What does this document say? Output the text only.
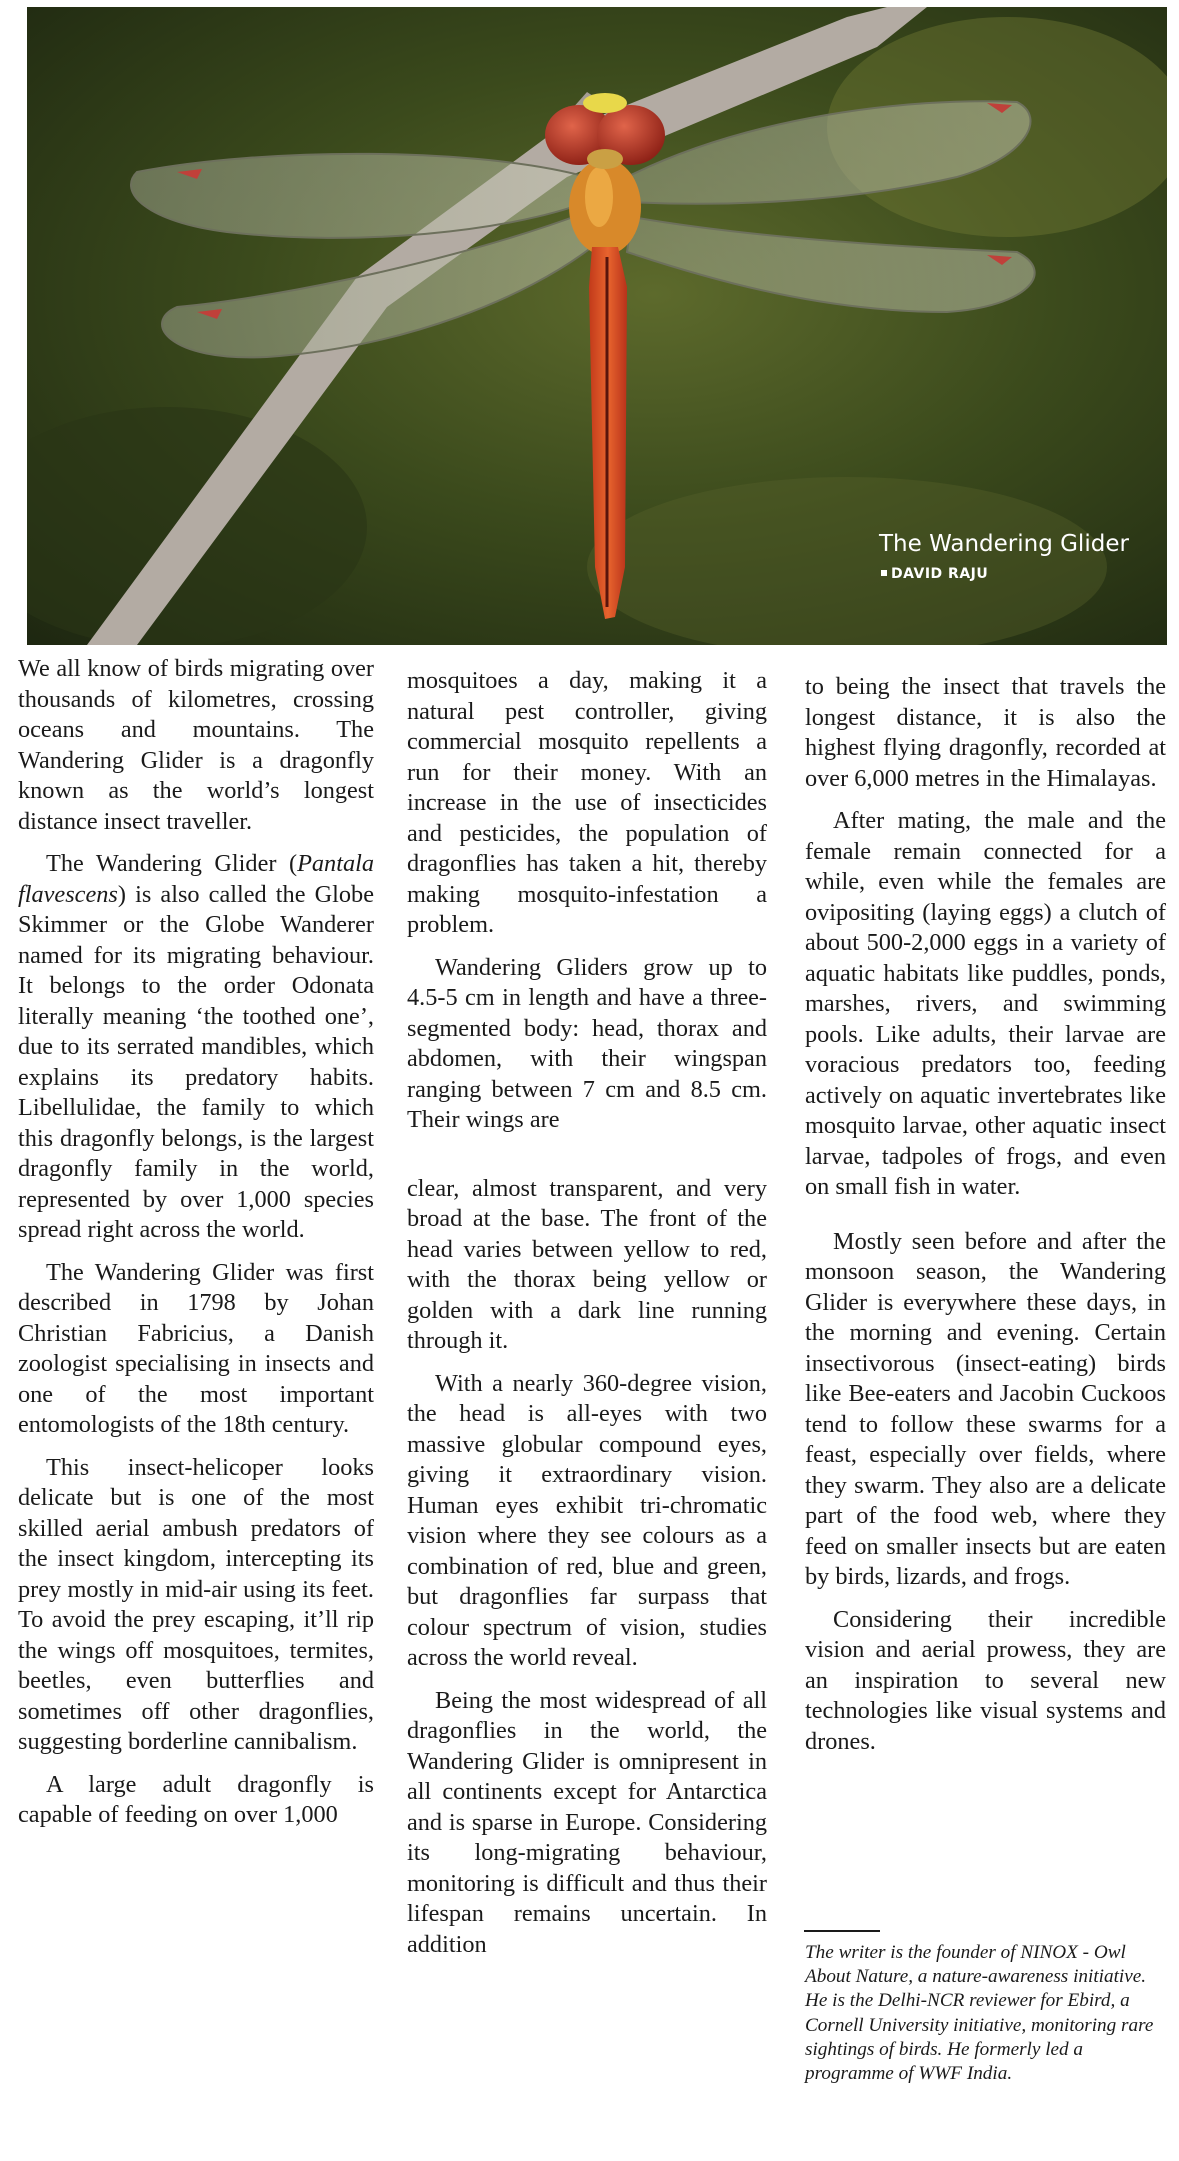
The Wandering Glider
DAVID RAJU

We all know of birds migrating over thousands of kilometres, crossing oceans and mountains. The Wandering Glider is a dragonfly known as the world’s longest distance insect traveller.

The Wandering Glider (Pantala flavescens) is also called the Globe Skimmer or the Globe Wanderer named for its migrating behaviour. It belongs to the order Odonata literally meaning ‘the toothed one’, due to its serrated mandibles, which explains its predatory habits. Libellulidae, the family to which this dragonfly belongs, is the largest dragonfly family in the world, represented by over 1,000 species spread right across the world.

The Wandering Glider was first described in 1798 by Johan Christian Fabricius, a Danish zoologist specialising in insects and one of the most important entomologists of the 18th century.

This insect-helicoper looks delicate but is one of the most skilled aerial ambush predators of the insect kingdom, intercepting its prey mostly in mid-air using its feet. To avoid the prey escaping, it’ll rip the wings off mosquitoes, termites, beetles, even butterflies and sometimes off other dragonflies, suggesting borderline cannibalism.

A large adult dragonfly is capable of feeding on over 1,000

mosquitoes a day, making it a natural pest controller, giving commercial mosquito repellents a run for their money. With an increase in the use of insecticides and pesticides, the population of dragonflies has taken a hit, thereby making mosquito-infestation a problem.

Wandering Gliders grow up to 4.5-5 cm in length and have a three-segmented body: head, thorax and abdomen, with their wingspan ranging between 7 cm and 8.5 cm. Their wings are

clear, almost transparent, and very broad at the base. The front of the head varies between yellow to red, with the thorax being yellow or golden with a dark line running through it.

With a nearly 360-degree vision, the head is all-eyes with two massive globular compound eyes, giving it extraordinary vision. Human eyes exhibit tri-chromatic vision where they see colours as a combination of red, blue and green, but dragonflies far surpass that colour spectrum of vision, studies across the world reveal.

Being the most widespread of all dragonflies in the world, the Wandering Glider is omnipresent in all continents except for Antarctica and is sparse in Europe. Considering its long-migrating behaviour, monitoring is difficult and thus their lifespan remains uncertain. In addition

to being the insect that travels the longest distance, it is also the highest flying dragonfly, recorded at over 6,000 metres in the Himalayas.

After mating, the male and the female remain connected for a while, even while the females are ovipositing (laying eggs) a clutch of about 500-2,000 eggs in a variety of aquatic habitats like puddles, ponds, marshes, rivers, and swimming pools. Like adults, their larvae are voracious predators too, feeding actively on aquatic invertebrates like mosquito larvae, other aquatic insect larvae, tadpoles of frogs, and even on small fish in water.

Mostly seen before and after the monsoon season, the Wandering Glider is everywhere these days, in the morning and evening. Certain insectivorous (insect-eating) birds like Bee-eaters and Jacobin Cuckoos tend to follow these swarms for a feast, especially over fields, where they swarm. They also are a delicate part of the food web, where they feed on smaller insects but are eaten by birds, lizards, and frogs.

Considering their incredible vision and aerial prowess, they are an inspiration to several new technologies like visual systems and drones.

The writer is the founder of NINOX - Owl About Nature, a nature-awareness initiative. He is the Delhi-NCR reviewer for Ebird, a Cornell University initiative, monitoring rare sightings of birds. He formerly led a programme of WWF India.
